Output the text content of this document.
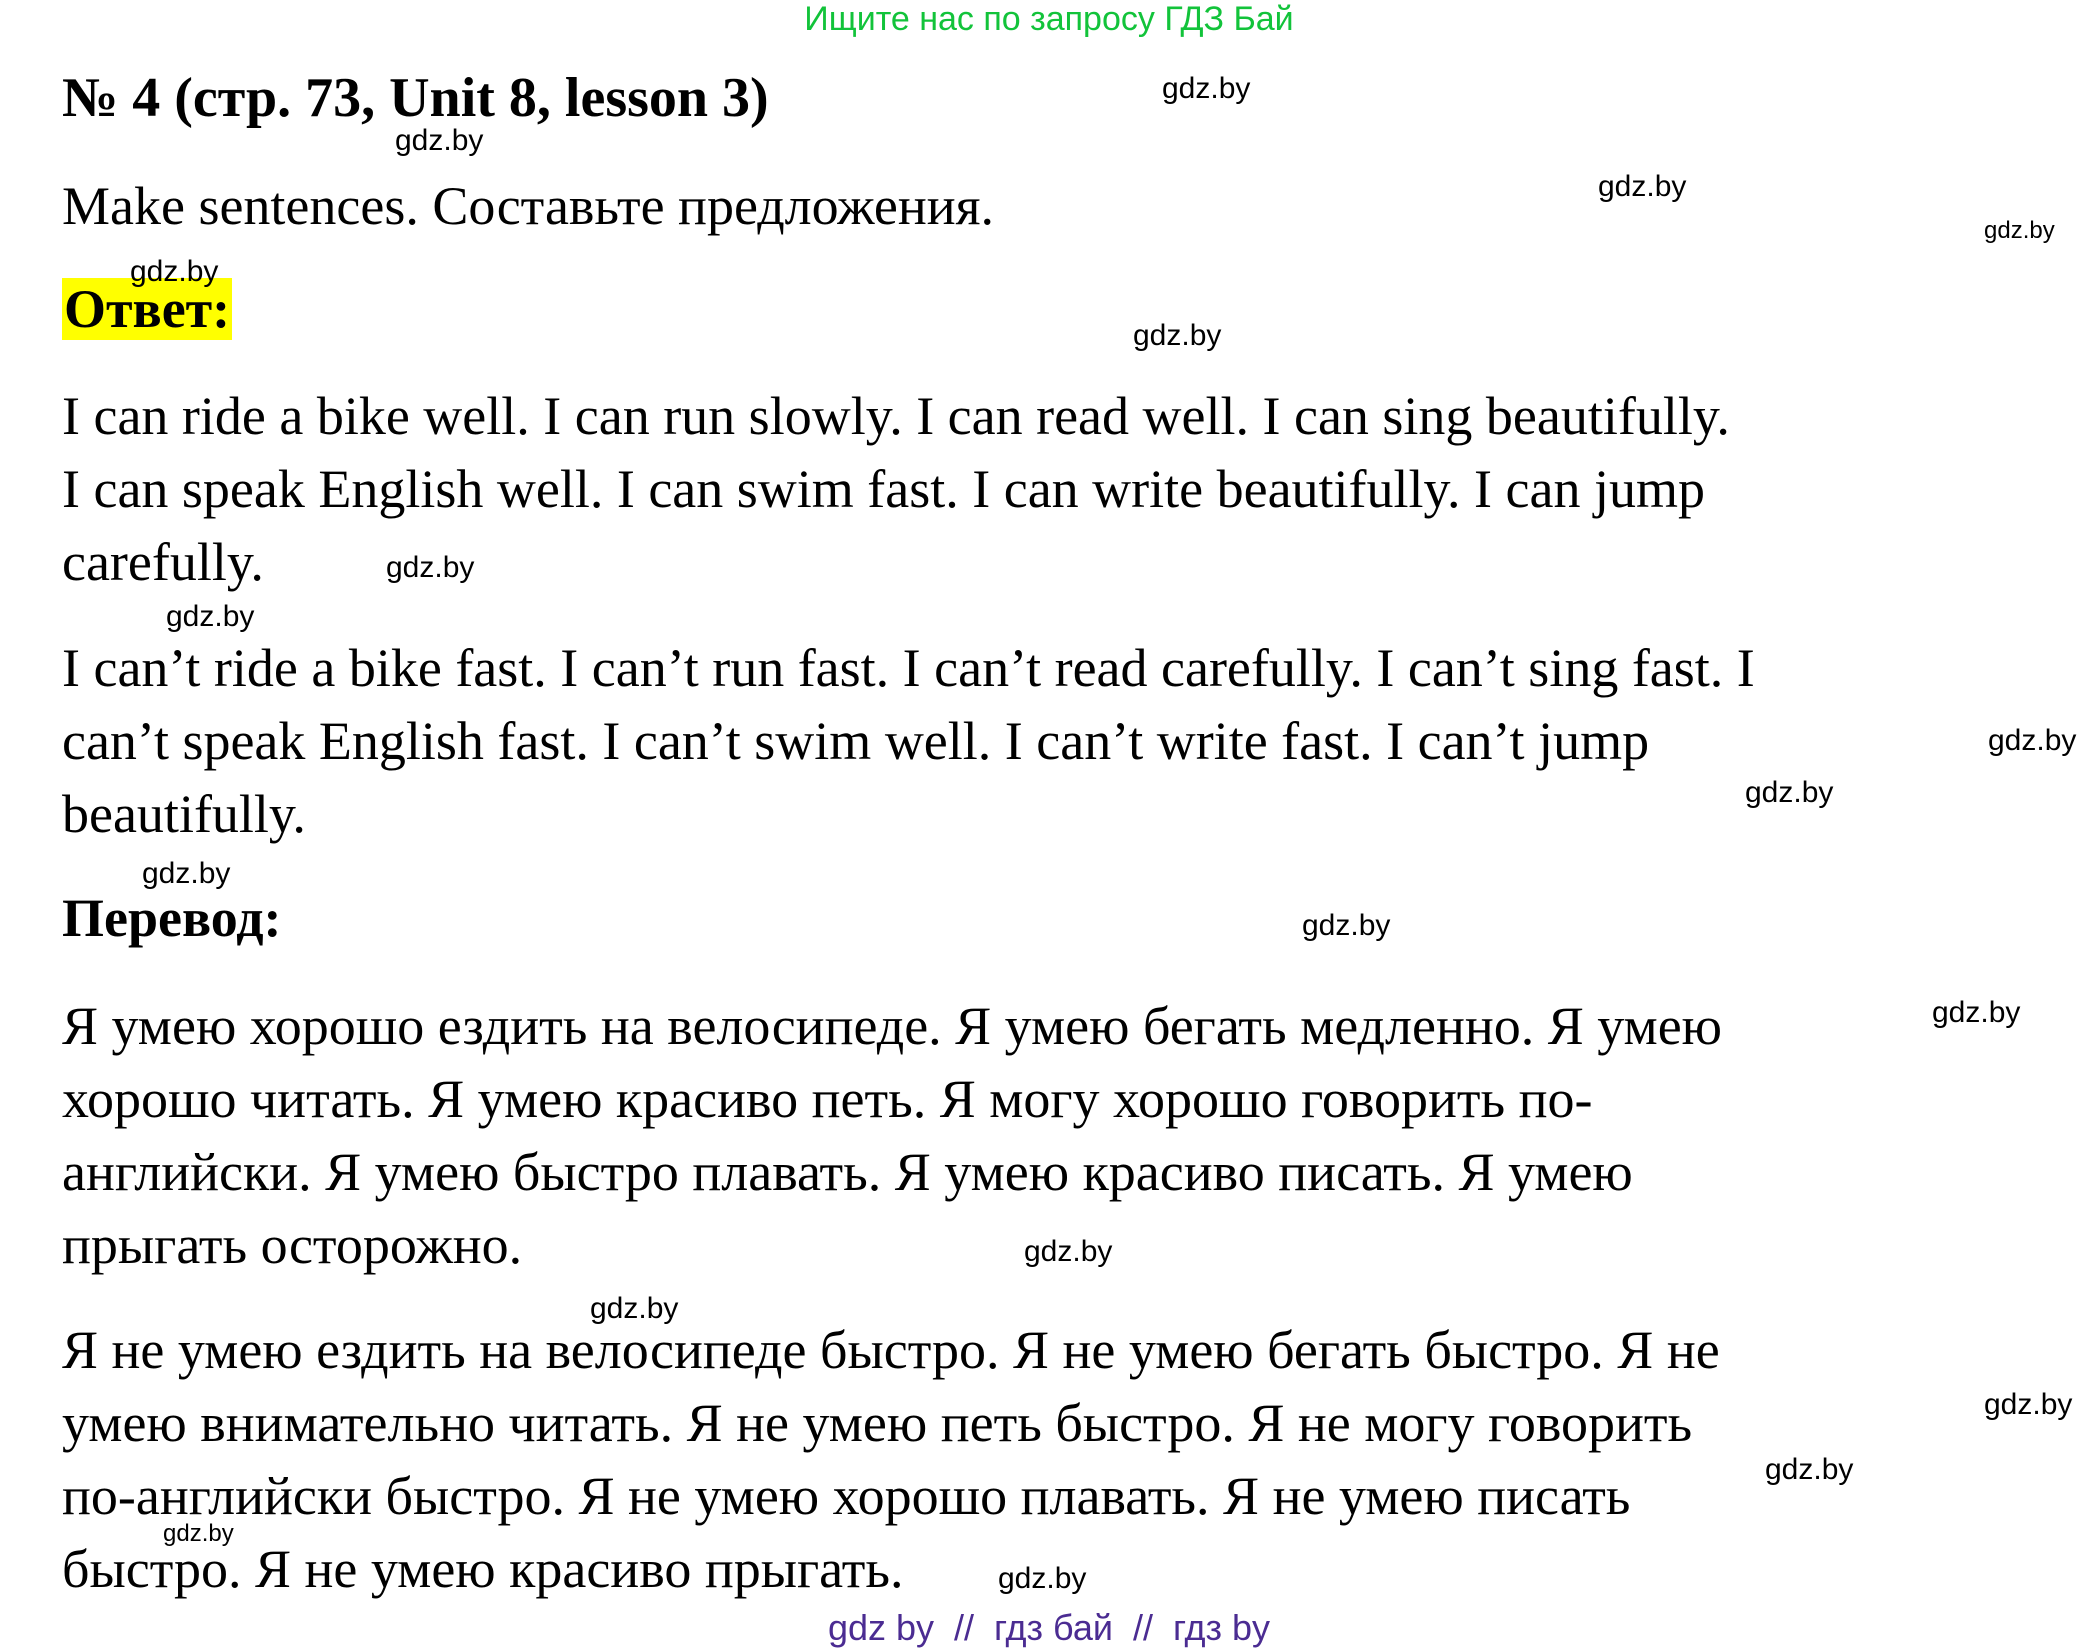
Ищите нас по запросу ГДЗ Бай
№ 4 (стр. 73, Unit 8, lesson 3)
Make sentences. Составьте предложения.
Ответ:
I can ride a bike well. I can run slowly. I can read well. I can sing beautifully.
I can speak English well. I can swim fast. I can write beautifully. I can jump
carefully.
I can’t ride a bike fast. I can’t run fast. I can’t read carefully. I can’t sing fast. I
can’t speak English fast. I can’t swim well. I can’t write fast. I can’t jump
beautifully.
Перевод:
Я умею хорошо ездить на велосипеде. Я умею бегать медленно. Я умею
хорошо читать. Я умею красиво петь. Я могу хорошо говорить по-
английски. Я умею быстро плавать. Я умею красиво писать. Я умею
прыгать осторожно.
Я не умею ездить на велосипеде быстро. Я не умею бегать быстро. Я не
умею внимательно читать. Я не умею петь быстро. Я не могу говорить
по-английски быстро. Я не умею хорошо плавать. Я не умею писать
быстро. Я не умею красиво прыгать.
gdz.by
gdz.by
gdz.by
gdz.by
gdz.by
gdz.by
gdz.by
gdz.by
gdz.by
gdz.by
gdz.by
gdz.by
gdz.by
gdz.by
gdz.by
gdz.by
gdz.by
gdz.by
gdz.by
gdz by  //  гдз бай  //  гдз by
